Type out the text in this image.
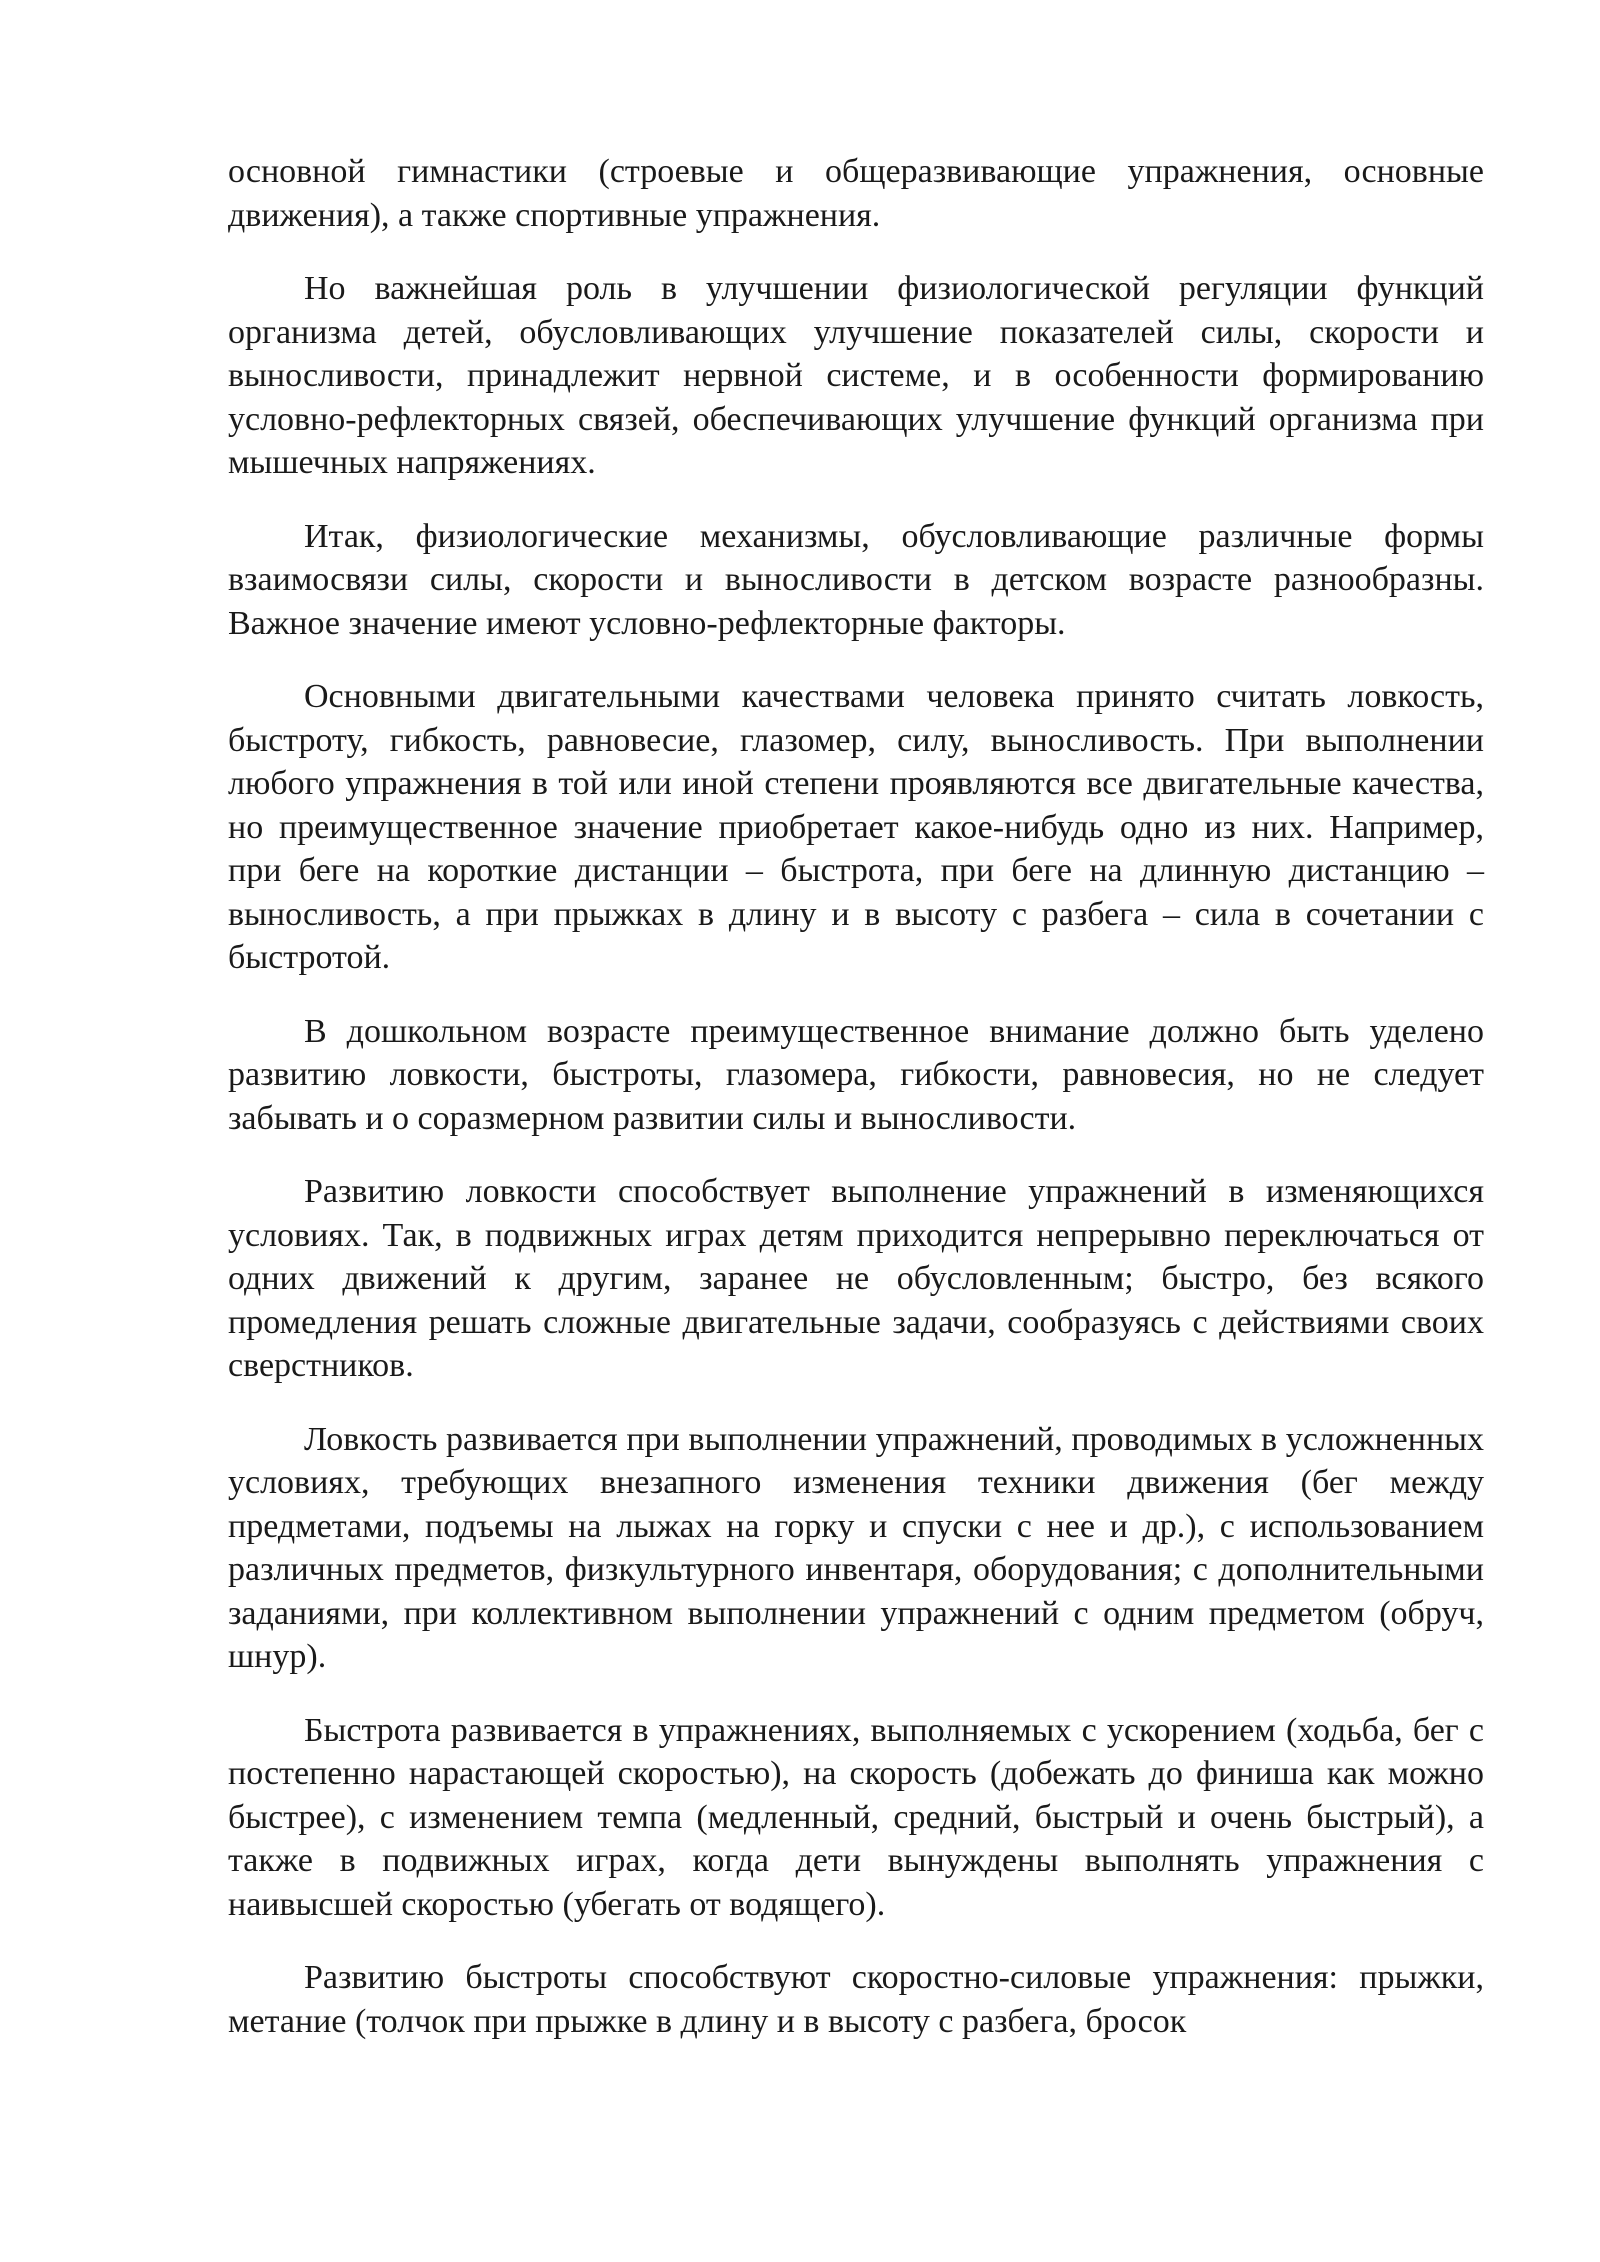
основной гимнастики (строевые и общеразвивающие упражнения, основные движения), а также спортивные упражнения.

Но важнейшая роль в улучшении физиологической регуляции функций организма детей, обусловливающих улучшение показателей силы, скорости и выносливости, принадлежит нервной системе, и в особенности формированию условно-рефлекторных связей, обеспечивающих улучшение функций организма при мышечных напряжениях.

Итак, физиологические механизмы, обусловливающие различные формы взаимосвязи силы, скорости и выносливости в детском возрасте разнообразны. Важное значение имеют условно-рефлекторные факторы.

Основными двигательными качествами человека принято считать ловкость, быстроту, гибкость, равновесие, глазомер, силу, выносливость. При выполнении любого упражнения в той или иной степени проявляются все двигательные качества, но преимущественное значение приобретает какое-нибудь одно из них. Например, при беге на короткие дистанции – быстрота, при беге на длинную дистанцию – выносливость, а при прыжках в длину и в высоту с разбега – сила в сочетании с быстротой.

В дошкольном возрасте преимущественное внимание должно быть уделено развитию ловкости, быстроты, глазомера, гибкости, равновесия, но не следует забывать и о соразмерном развитии силы и выносливости.

Развитию ловкости способствует выполнение упражнений в изменяющихся условиях. Так, в подвижных играх детям приходится непрерывно переключаться от одних движений к другим, заранее не обусловленным; быстро, без всякого промедления решать сложные двигательные задачи, сообразуясь с действиями своих сверстников.

Ловкость развивается при выполнении упражнений, проводимых в усложненных условиях, требующих внезапного изменения техники движения (бег между предметами, подъемы на лыжах на горку и спуски с нее и др.), с использованием различных предметов, физкультурного инвентаря, оборудования; с дополнительными заданиями, при коллективном выполнении упражнений с одним предметом (обруч, шнур).

Быстрота развивается в упражнениях, выполняемых с ускорением (ходьба, бег с постепенно нарастающей скоростью), на скорость (добежать до финиша как можно быстрее), с изменением темпа (медленный, средний, быстрый и очень быстрый), а также в подвижных играх, когда дети вынуждены выполнять упражнения с наивысшей скоростью (убегать от водящего).

Развитию быстроты способствуют скоростно-силовые упражнения: прыжки, метание (толчок при прыжке в длину и в высоту с разбега, бросок
